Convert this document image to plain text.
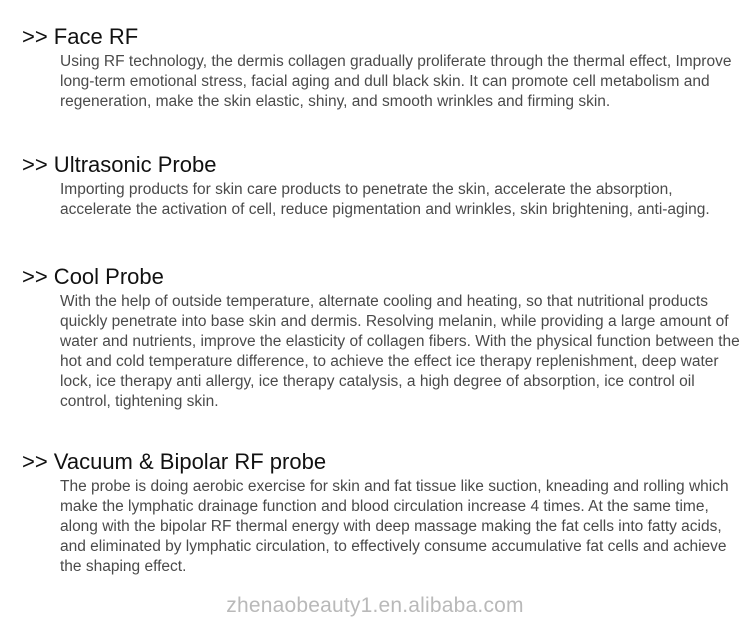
>> Face RF

Using RF technology, the dermis collagen gradually proliferate through the thermal effect, Improve long-term emotional stress, facial aging and dull black skin. It can promote cell metabolism and regeneration, make the skin elastic, shiny, and smooth wrinkles and firming skin.

>> Ultrasonic Probe

Importing products for skin care products to penetrate the skin, accelerate the absorption, accelerate the activation of cell, reduce pigmentation and wrinkles, skin brightening, anti-aging.

>> Cool Probe

With the help of outside temperature, alternate cooling and heating, so that nutritional products quickly penetrate into base skin and dermis. Resolving melanin, while providing a large amount of water and nutrients, improve the elasticity of collagen fibers. With the physical function between the hot and cold temperature difference, to achieve the effect ice therapy replenishment, deep water lock, ice therapy anti allergy, ice therapy catalysis, a high degree of absorption, ice control oil control, tightening skin.

>> Vacuum & Bipolar RF probe

The probe is doing aerobic exercise for skin and fat tissue like suction, kneading and rolling which make the lymphatic drainage function and blood circulation increase 4 times. At the same time, along with the bipolar RF thermal energy with deep massage making the fat cells into fatty acids, and eliminated by lymphatic circulation, to effectively consume accumulative fat cells and achieve the shaping effect.

zhenaobeauty1.en.alibaba.com
